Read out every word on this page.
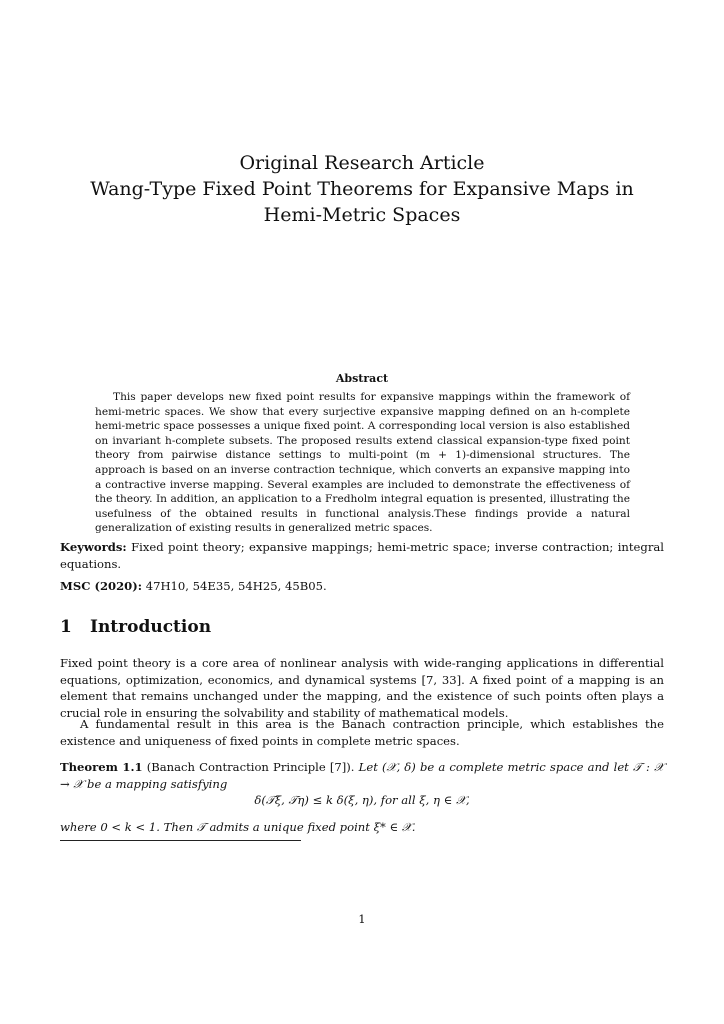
Original Research Article
Wang-Type Fixed Point Theorems for Expansive Maps in
Hemi-Metric Spaces
Abstract

This paper develops new fixed point results for expansive mappings within the framework of hemi-metric spaces. We show that every surjective expansive mapping defined on an h-complete hemi-metric space possesses a unique fixed point. A corresponding local version is also established on invariant h-complete subsets. The proposed results extend classical expansion-type fixed point theory from pairwise distance settings to multi-point (m + 1)-dimensional structures. The approach is based on an inverse contraction technique, which converts an expansive mapping into a contractive inverse mapping. Several examples are included to demonstrate the effectiveness of the theory. In addition, an application to a Fredholm integral equation is presented, illustrating the usefulness of the obtained results in functional analysis.These findings provide a natural generalization of existing results in generalized metric spaces.

Keywords: Fixed point theory; expansive mappings; hemi-metric space; inverse contraction; integral equations.

MSC (2020): 47H10, 54E35, 54H25, 45B05.

1 Introduction

Fixed point theory is a core area of nonlinear analysis with wide-ranging applications in differential equations, optimization, economics, and dynamical systems [7, 33]. A fixed point of a mapping is an element that remains unchanged under the mapping, and the existence of such points often plays a crucial role in ensuring the solvability and stability of mathematical models.

A fundamental result in this area is the Banach contraction principle, which establishes the existence and uniqueness of fixed points in complete metric spaces.

Theorem 1.1 (Banach Contraction Principle [7]). Let (𝒳, δ) be a complete metric space and let 𝒯 : 𝒳 → 𝒳 be a mapping satisfying

δ(𝒯ξ, 𝒯η) ≤ k δ(ξ, η), for all ξ, η ∈ 𝒳,

where 0 < k < 1. Then 𝒯 admits a unique fixed point ξ* ∈ 𝒳.

1
